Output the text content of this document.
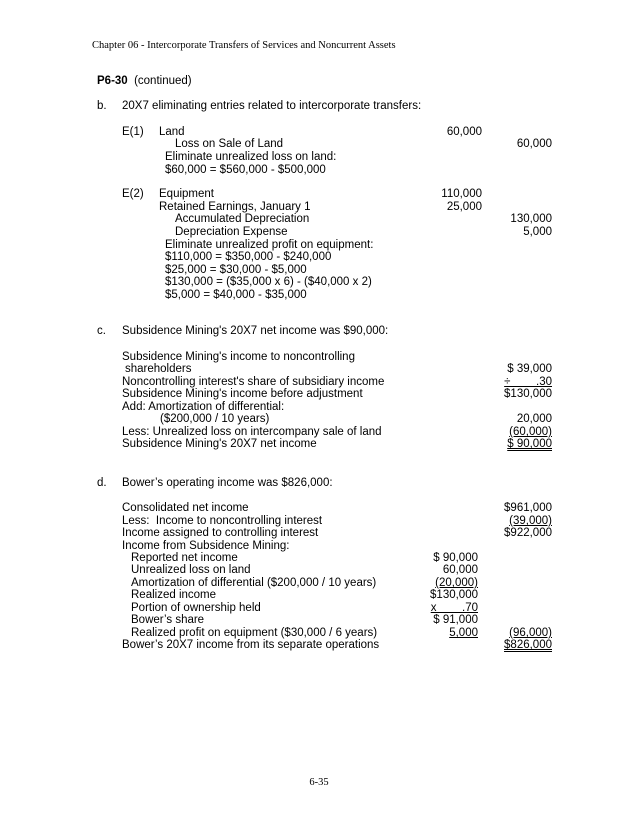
Chapter 06 - Intercorporate Transfers of Services and Noncurrent Assets
P6-30 (continued)
b. 20X7 eliminating entries related to intercorporate transfers:
E(1) Land
Loss on Sale of Land
Eliminate unrealized loss on land:
$60,000 = $560,000 - $500,000
60,000
60,000
E(2) Equipment
Retained Earnings, January 1
Accumulated Depreciation
Depreciation Expense
Eliminate unrealized profit on equipment:
$110,000 = $350,000 - $240,000
$25,000 = $30,000 - $5,000
$130,000 = ($35,000 x 6) - ($40,000 x 2)
$5,000 = $40,000 - $35,000
110,000
25,000
130,000
5,000
c. Subsidence Mining's 20X7 net income was $90,000:
Subsidence Mining's income to noncontrolling
shareholders
Noncontrolling interest's share of subsidiary income
Subsidence Mining's income before adjustment
Add: Amortization of differential:
($200,000 / 10 years)
Less: Unrealized loss on intercompany sale of land
Subsidence Mining's 20X7 net income
$ 39,000
÷        .30
$130,000
20,000
(60,000)
$ 90,000
d. Bower’s operating income was $826,000:
Consolidated net income
Less:  Income to noncontrolling interest
Income assigned to controlling interest
Income from Subsidence Mining:
Reported net income
Unrealized loss on land
Amortization of differential ($200,000 / 10 years)
Realized income
Portion of ownership held
Bower’s share
Realized profit on equipment ($30,000 / 6 years)
Bower’s 20X7 income from its separate operations
$ 90,000
60,000
(20,000)
$130,000
x        .70
$ 91,000
5,000
$961,000
(39,000)
$922,000
(96,000)
$826,000
6-35
